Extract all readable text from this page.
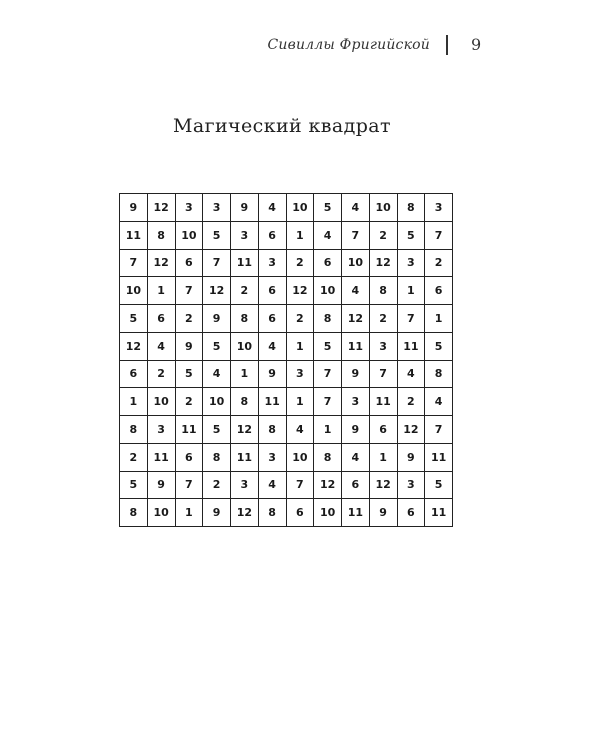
Сивиллы Фригийской	9
Магический квадрат
9	12	3	3	9	4	10	5	4	10	8	3
11	8	10	5	3	6	1	4	7	2	5	7
7	12	6	7	11	3	2	6	10	12	3	2
10	1	7	12	2	6	12	10	4	8	1	6
5	6	2	9	8	6	2	8	12	2	7	1
12	4	9	5	10	4	1	5	11	3	11	5
6	2	5	4	1	9	3	7	9	7	4	8
1	10	2	10	8	11	1	7	3	11	2	4
8	3	11	5	12	8	4	1	9	6	12	7
2	11	6	8	11	3	10	8	4	1	9	11
5	9	7	2	3	4	7	12	6	12	3	5
8	10	1	9	12	8	6	10	11	9	6	11
